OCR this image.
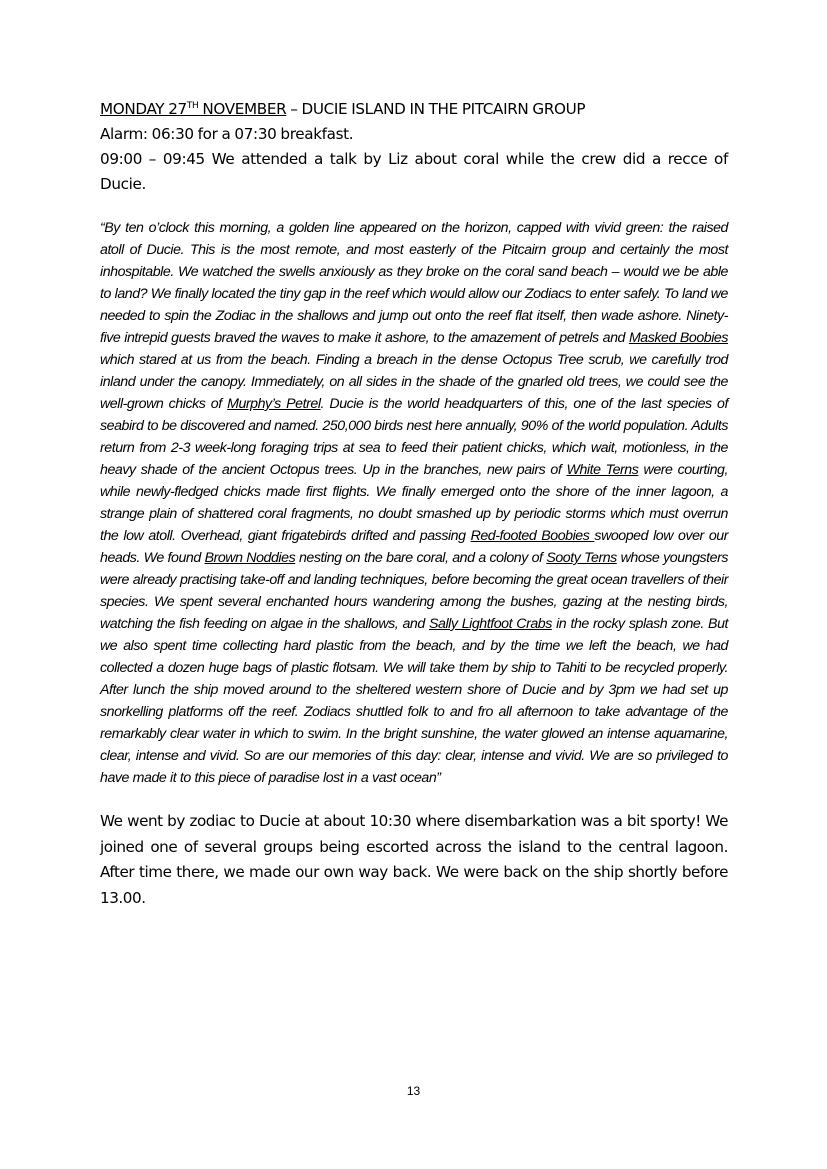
MONDAY 27TH NOVEMBER – DUCIE ISLAND IN THE PITCAIRN GROUP
Alarm: 06:30 for a 07:30 breakfast.
09:00 – 09:45 We attended a talk by Liz about coral while the crew did a recce of Ducie.
“By ten o’clock this morning, a golden line appeared on the horizon, capped with vivid green: the raised atoll of Ducie. This is the most remote, and most easterly of the Pitcairn group and certainly the most inhospitable. We watched the swells anxiously as they broke on the coral sand beach – would we be able to land? We finally located the tiny gap in the reef which would allow our Zodiacs to enter safely. To land we needed to spin the Zodiac in the shallows and jump out onto the reef flat itself, then wade ashore. Ninety-five intrepid guests braved the waves to make it ashore, to the amazement of petrels and Masked Boobies which stared at us from the beach. Finding a breach in the dense Octopus Tree scrub, we carefully trod inland under the canopy. Immediately, on all sides in the shade of the gnarled old trees, we could see the well-grown chicks of Murphy’s Petrel. Ducie is the world headquarters of this, one of the last species of seabird to be discovered and named. 250,000 birds nest here annually, 90% of the world population. Adults return from 2-3 week-long foraging trips at sea to feed their patient chicks, which wait, motionless, in the heavy shade of the ancient Octopus trees. Up in the branches, new pairs of White Terns were courting, while newly-fledged chicks made first flights. We finally emerged onto the shore of the inner lagoon, a strange plain of shattered coral fragments, no doubt smashed up by periodic storms which must overrun the low atoll. Overhead, giant frigatebirds drifted and passing Red-footed Boobies swooped low over our heads. We found Brown Noddies nesting on the bare coral, and a colony of Sooty Terns whose youngsters were already practising take-off and landing techniques, before becoming the great ocean travellers of their species. We spent several enchanted hours wandering among the bushes, gazing at the nesting birds, watching the fish feeding on algae in the shallows, and Sally Lightfoot Crabs in the rocky splash zone. But we also spent time collecting hard plastic from the beach, and by the time we left the beach, we had collected a dozen huge bags of plastic flotsam. We will take them by ship to Tahiti to be recycled properly. After lunch the ship moved around to the sheltered western shore of Ducie and by 3pm we had set up snorkelling platforms off the reef. Zodiacs shuttled folk to and fro all afternoon to take advantage of the remarkably clear water in which to swim. In the bright sunshine, the water glowed an intense aquamarine, clear, intense and vivid. So are our memories of this day: clear, intense and vivid. We are so privileged to have made it to this piece of paradise lost in a vast ocean”
We went by zodiac to Ducie at about 10:30 where disembarkation was a bit sporty! We joined one of several groups being escorted across the island to the central lagoon. After time there, we made our own way back. We were back on the ship shortly before 13.00.
13
